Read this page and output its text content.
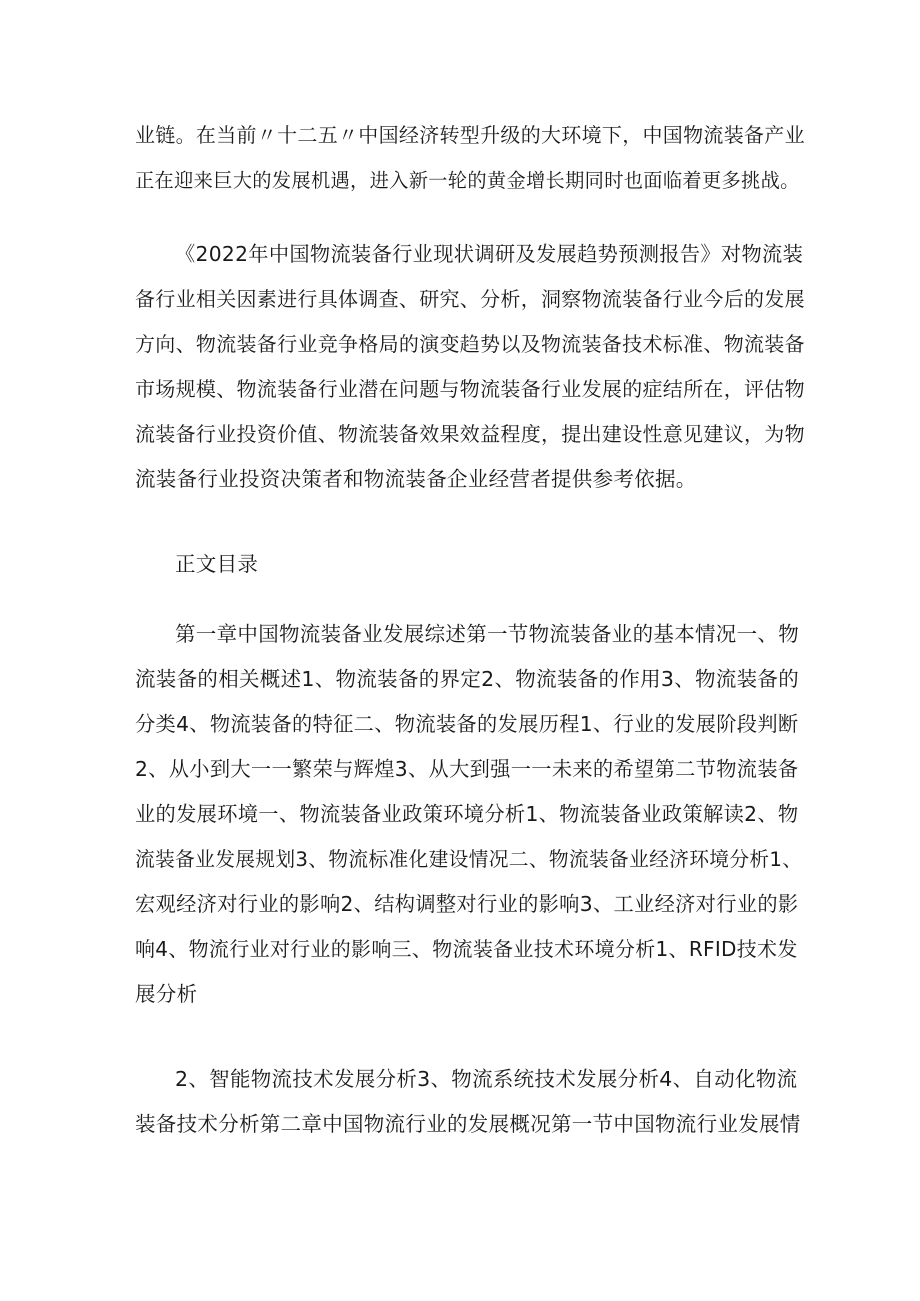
业链。在当前〃十二五〃中国经济转型升级的大环境下，中国物流装备产业
正在迎来巨大的发展机遇，进入新一轮的黄金增长期同时也面临着更多挑战。

《2022年中国物流装备行业现状调研及发展趋势预测报告》对物流装
备行业相关因素进行具体调查、研究、分析，洞察物流装备行业今后的发展
方向、物流装备行业竞争格局的演变趋势以及物流装备技术标准、物流装备
市场规模、物流装备行业潜在问题与物流装备行业发展的症结所在，评估物
流装备行业投资价值、物流装备效果效益程度，提出建设性意见建议，为物
流装备行业投资决策者和物流装备企业经营者提供参考依据。

正文目录

第一章中国物流装备业发展综述第一节物流装备业的基本情况一、物
流装备的相关概述1、物流装备的界定2、物流装备的作用3、物流装备的
分类4、物流装备的特征二、物流装备的发展历程1、行业的发展阶段判断
2、从小到大一一繁荣与辉煌3、从大到强一一未来的希望第二节物流装备
业的发展环境一、物流装备业政策环境分析1、物流装备业政策解读2、物
流装备业发展规划3、物流标准化建设情况二、物流装备业经济环境分析1、
宏观经济对行业的影响2、结构调整对行业的影响3、工业经济对行业的影
响4、物流行业对行业的影响三、物流装备业技术环境分析1、RFID技术发
展分析

2、智能物流技术发展分析3、物流系统技术发展分析4、自动化物流
装备技术分析第二章中国物流行业的发展概况第一节中国物流行业发展情
